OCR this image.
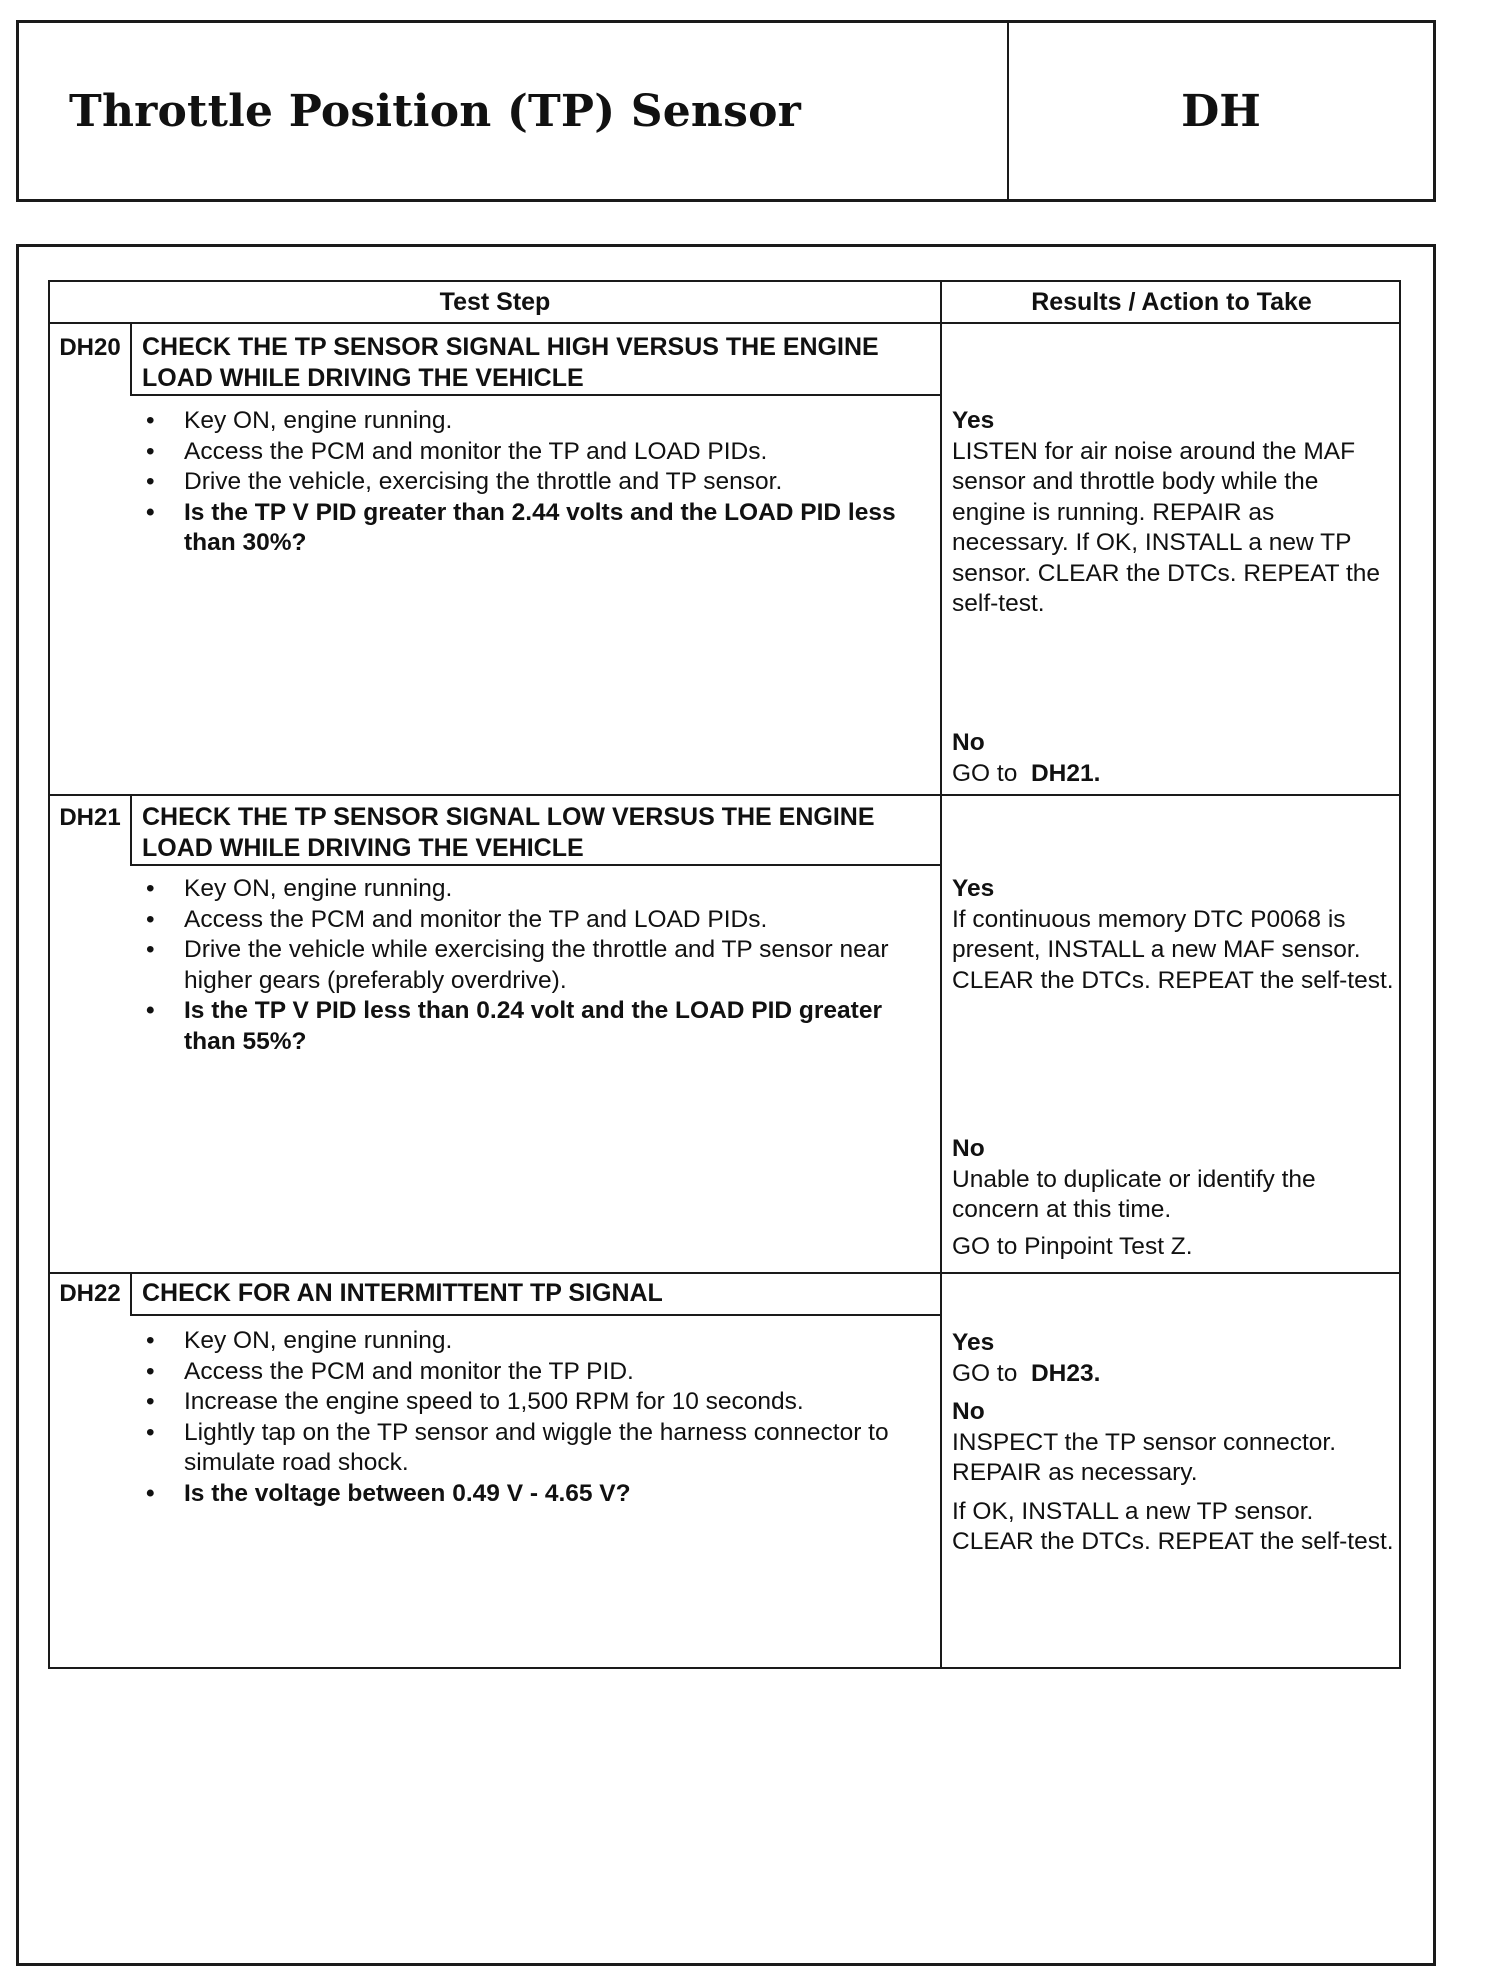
Throttle Position (TP) Sensor	DH
Test Step	Results / Action to Take
DH20 CHECK THE TP SENSOR SIGNAL HIGH VERSUS THE ENGINE LOAD WHILE DRIVING THE VEHICLE
• Key ON, engine running.
• Access the PCM and monitor the TP and LOAD PIDs.
• Drive the vehicle, exercising the throttle and TP sensor.
• Is the TP V PID greater than 2.44 volts and the LOAD PID less than 30%?

Yes

LISTEN for air noise around the MAF sensor and throttle body while the engine is running. REPAIR as necessary. If OK, INSTALL a new TP sensor. CLEAR the DTCs. REPEAT the self-test.

No

GO to DH21.

DH21 CHECK THE TP SENSOR SIGNAL LOW VERSUS THE ENGINE LOAD WHILE DRIVING THE VEHICLE
• Key ON, engine running.
• Access the PCM and monitor the TP and LOAD PIDs.
• Drive the vehicle while exercising the throttle and TP sensor near higher gears (preferably overdrive).
• Is the TP V PID less than 0.24 volt and the LOAD PID greater than 55%?

Yes

If continuous memory DTC P0068 is present, INSTALL a new MAF sensor. CLEAR the DTCs. REPEAT the self-test.

No

Unable to duplicate or identify the concern at this time.

GO to Pinpoint Test Z.

DH22 CHECK FOR AN INTERMITTENT TP SIGNAL
• Key ON, engine running.
• Access the PCM and monitor the TP PID.
• Increase the engine speed to 1,500 RPM for 10 seconds.
• Lightly tap on the TP sensor and wiggle the harness connector to simulate road shock.
• Is the voltage between 0.49 V - 4.65 V?

Yes

GO to DH23.

No

INSPECT the TP sensor connector. REPAIR as necessary.

If OK, INSTALL a new TP sensor. CLEAR the DTCs. REPEAT the self-test.
